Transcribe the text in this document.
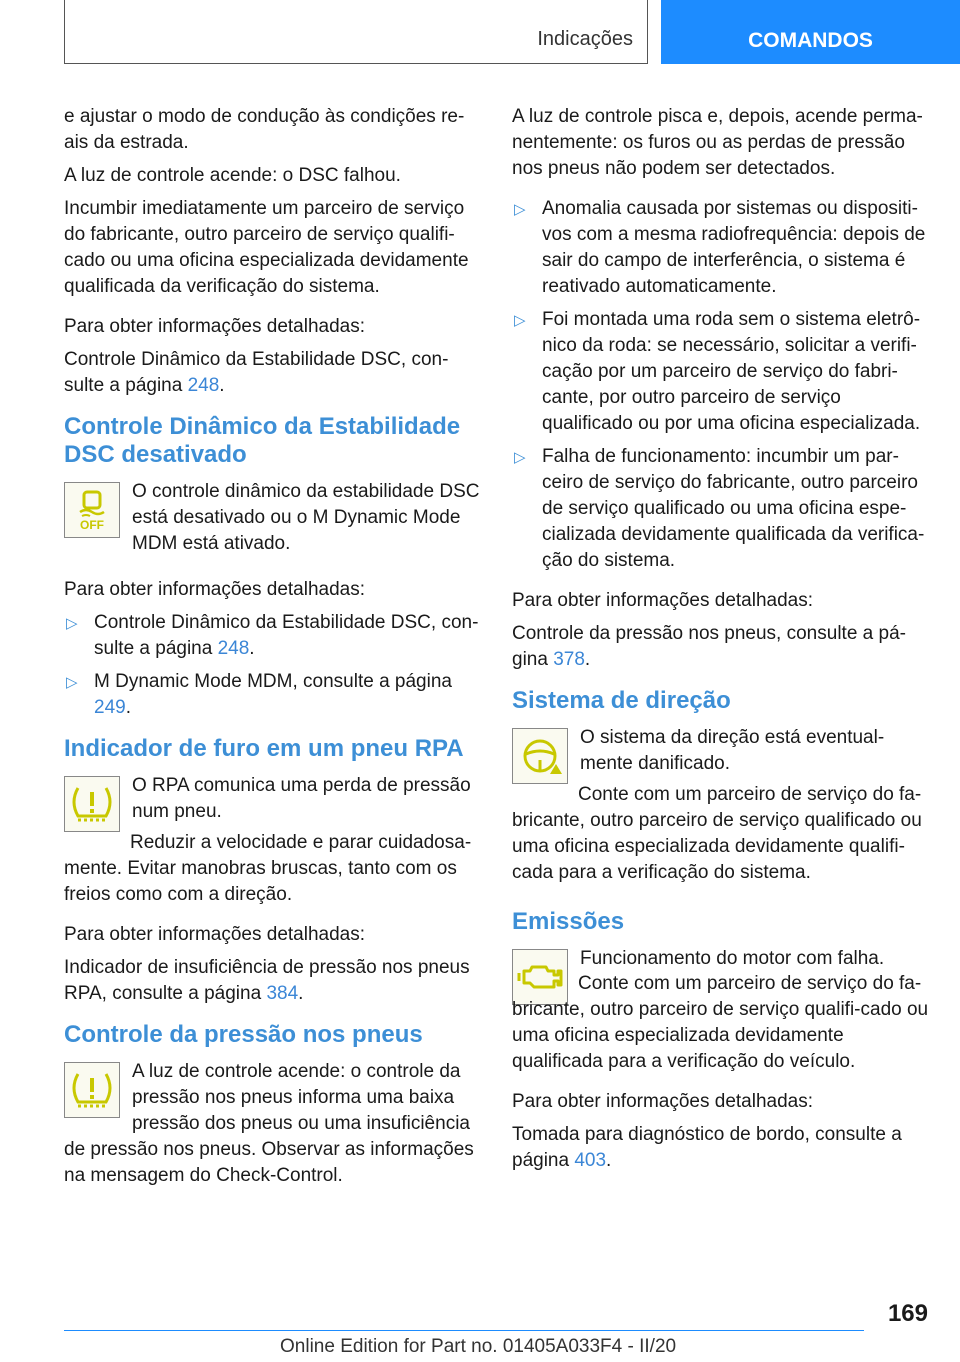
Indicações	COMANDOS

e ajustar o modo de condução às condições re-ais da estrada.

A luz de controle acende: o DSC falhou.

Incumbir imediatamente um parceiro de serviço do fabricante, outro parceiro de serviço qualifi-cado ou uma oficina especializada devidamente qualificada da verificação do sistema.

Para obter informações detalhadas:

Controle Dinâmico da Estabilidade DSC, con-sulte a página 248.

Controle Dinâmico da Estabilidade DSC desativado
OFF

O controle dinâmico da estabilidade DSC está desativado ou o M Dynamic Mode MDM está ativado.

Para obter informações detalhadas:

▷ Controle Dinâmico da Estabilidade DSC, con-sulte a página 248.
▷ M Dynamic Mode MDM, consulte a página 249.
Indicador de furo em um pneu RPA

O RPA comunica uma perda de pressão num pneu.

Reduzir a velocidade e parar cuidadosa-mente. Evitar manobras bruscas, tanto com os freios como com a direção.

Para obter informações detalhadas:

Indicador de insuficiência de pressão nos pneus RPA, consulte a página 384.

Controle da pressão nos pneus

A luz de controle acende: o controle da pressão nos pneus informa uma baixa pressão dos pneus ou uma insuficiência de pressão nos pneus. Observar as informações na mensagem do Check-Control.

A luz de controle pisca e, depois, acende perma-nentemente: os furos ou as perdas de pressão nos pneus não podem ser detectados.

▷ Anomalia causada por sistemas ou dispositi-vos com a mesma radiofrequência: depois de sair do campo de interferência, o sistema é reativado automaticamente.
▷ Foi montada uma roda sem o sistema eletrô-nico da roda: se necessário, solicitar a verifi-cação por um parceiro de serviço do fabri-cante, por outro parceiro de serviço qualificado ou por uma oficina especializada.
▷ Falha de funcionamento: incumbir um par-ceiro de serviço do fabricante, outro parceiro de serviço qualificado ou uma oficina espe-cializada devidamente qualificada da verifica-ção do sistema.

Para obter informações detalhadas:

Controle da pressão nos pneus, consulte a pá-gina 378.

Sistema de direção

O sistema da direção está eventual-mente danificado.

Conte com um parceiro de serviço do fa-bricante, outro parceiro de serviço qualificado ou uma oficina especializada devidamente qualifi-cada para a verificação do sistema.

Emissões

Funcionamento do motor com falha.

Conte com um parceiro de serviço do fa-bricante, outro parceiro de serviço qualifi-cado ou uma oficina especializada devidamente qualificada para a verificação do veículo.

Para obter informações detalhadas:

Tomada para diagnóstico de bordo, consulte a página 403.

169
Online Edition for Part no. 01405A033F4 - II/20
